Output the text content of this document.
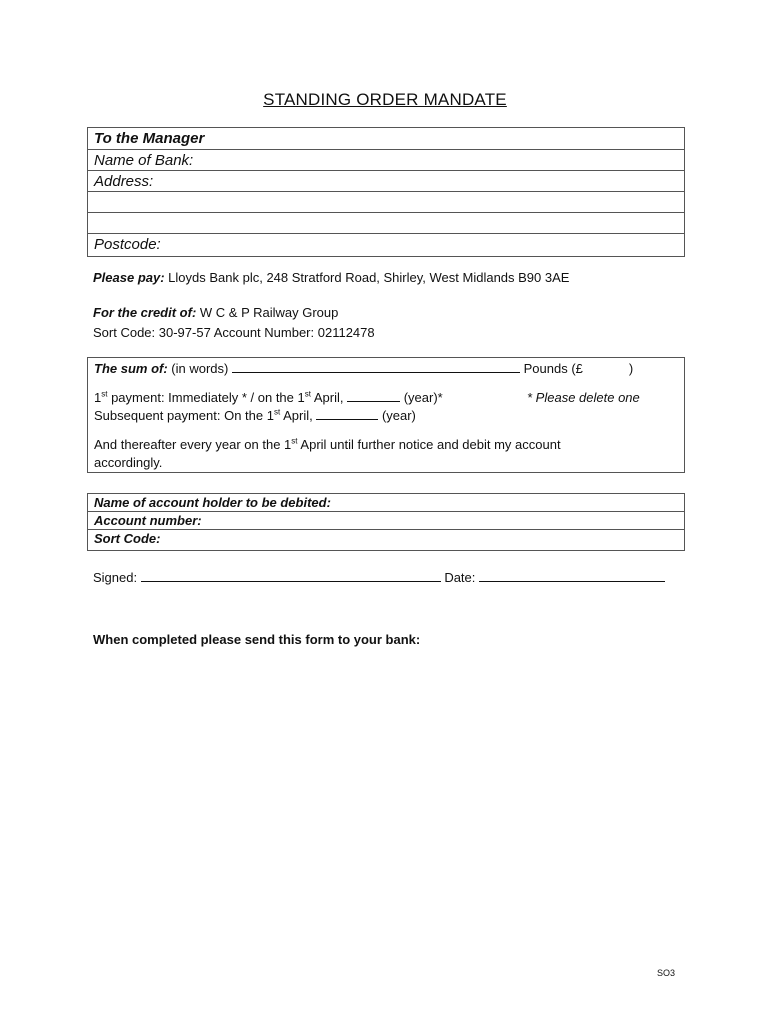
STANDING ORDER MANDATE
To the Manager
Name of Bank:
Address:
Postcode:
Please pay: Lloyds Bank plc, 248 Stratford Road, Shirley, West Midlands B90 3AE
For the credit of: W C & P Railway Group
Sort Code: 30-97-57 Account Number: 02112478
The sum of: (in words)	Pounds (£	)
1st payment: Immediately * / on the 1st April,	(year)*	* Please delete one
Subsequent payment: On the 1st April,	(year)
And thereafter every year on the 1st April until further notice and debit my account
accordingly.
Name of account holder to be debited:
Account number:
Sort Code:
Signed:	Date:
When completed please send this form to your bank:
SO3
